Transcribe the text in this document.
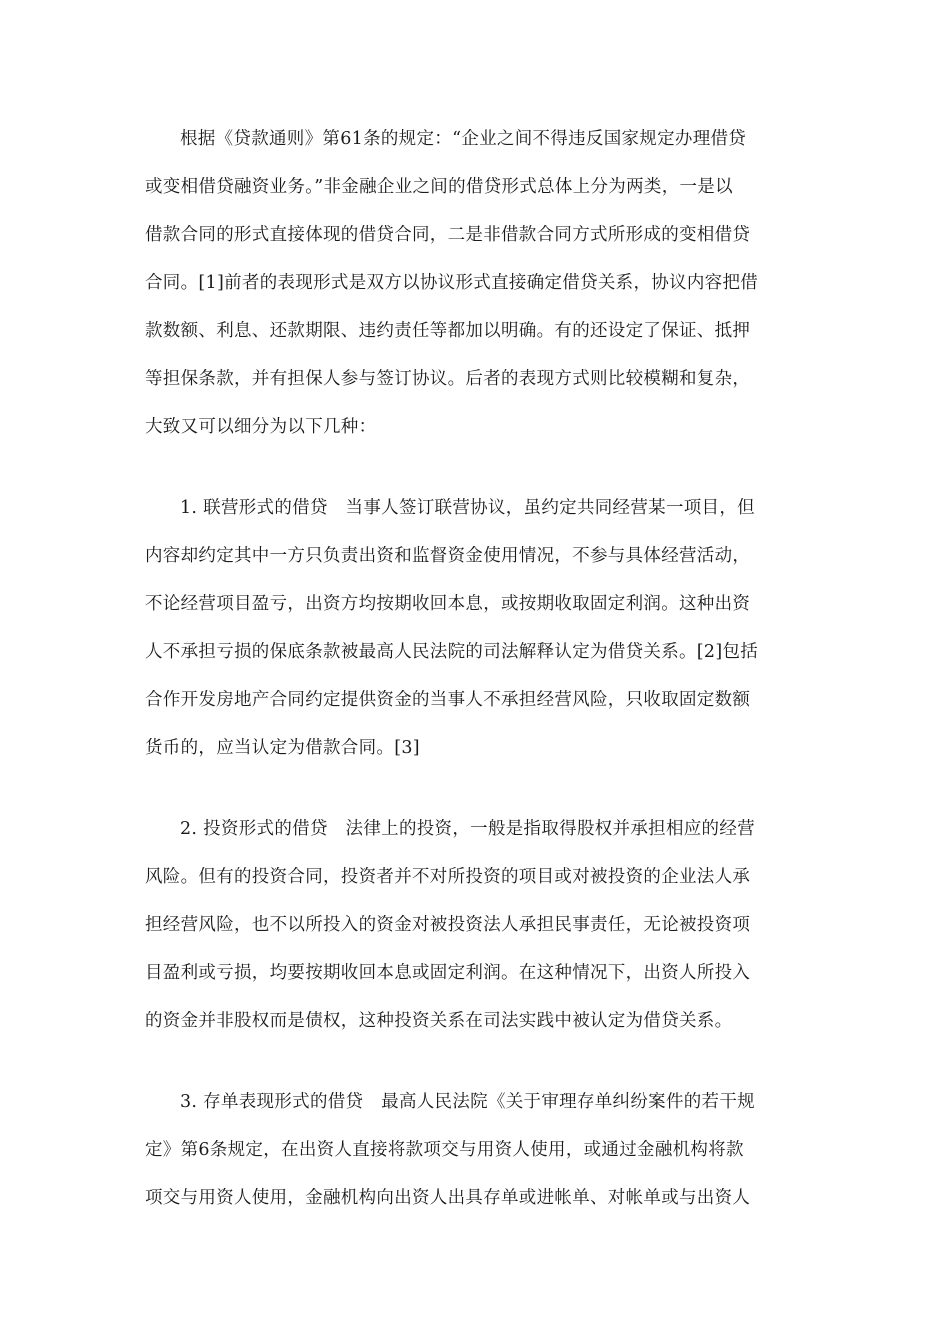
根据《贷款通则》第61条的规定：“企业之间不得违反国家规定办理借贷
或变相借贷融资业务。”非金融企业之间的借贷形式总体上分为两类，一是以
借款合同的形式直接体现的借贷合同，二是非借款合同方式所形成的变相借贷
合同。[1]前者的表现形式是双方以协议形式直接确定借贷关系，协议内容把借
款数额、利息、还款期限、违约责任等都加以明确。有的还设定了保证、抵押
等担保条款，并有担保人参与签订协议。后者的表现方式则比较模糊和复杂，
大致又可以细分为以下几种：
1. 联营形式的借贷　当事人签订联营协议，虽约定共同经营某一项目，但
内容却约定其中一方只负责出资和监督资金使用情况，不参与具体经营活动，
不论经营项目盈亏，出资方均按期收回本息，或按期收取固定利润。这种出资
人不承担亏损的保底条款被最高人民法院的司法解释认定为借贷关系。[2]包括
合作开发房地产合同约定提供资金的当事人不承担经营风险，只收取固定数额
货币的，应当认定为借款合同。[3]
2. 投资形式的借贷　法律上的投资，一般是指取得股权并承担相应的经营
风险。但有的投资合同，投资者并不对所投资的项目或对被投资的企业法人承
担经营风险，也不以所投入的资金对被投资法人承担民事责任，无论被投资项
目盈利或亏损，均要按期收回本息或固定利润。在这种情况下，出资人所投入
的资金并非股权而是债权，这种投资关系在司法实践中被认定为借贷关系。
3. 存单表现形式的借贷　最高人民法院《关于审理存单纠纷案件的若干规
定》第6条规定，在出资人直接将款项交与用资人使用，或通过金融机构将款
项交与用资人使用，金融机构向出资人出具存单或进帐单、对帐单或与出资人
